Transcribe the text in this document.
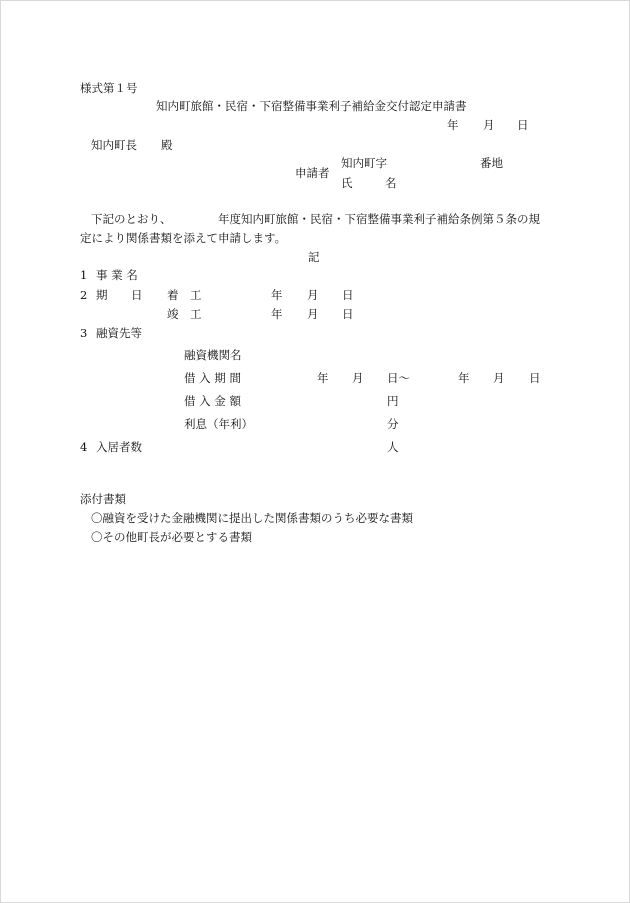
様式第１号
知内町旅館・民宿・下宿整備事業利子補給金交付認定申請書
年 月 日
知内町長 殿
申請者
知内町字	番地
氏	名
下記のとおり、	年度知内町旅館・民宿・下宿整備事業利子補給条例第５条の規
定により関係書類を添えて申請します。
記
1 事 業 名
2 期 日 着　工	年 月 日
竣　工	年 月 日
3 融資先等
融資機関名
借 入 期 間	年 月 日〜	年 月 日
借 入 金 額	円
利息（年利）	分
4 入居者数	人
添付書類
〇融資を受けた金融機関に提出した関係書類のうち必要な書類
〇その他町長が必要とする書類
